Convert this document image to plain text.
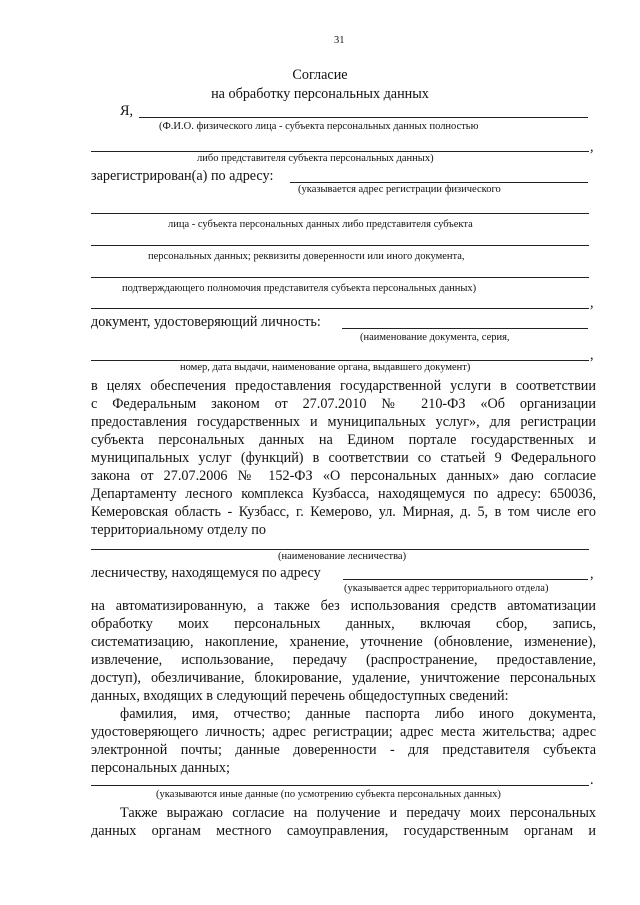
31
Согласие
на обработку персональных данных
Я,
(Ф.И.О. физического лица - субъекта персональных данных полностью
,
либо представителя субъекта персональных данных)
зарегистрирован(а) по адресу:
(указывается адрес регистрации физического
лица - субъекта персональных данных либо представителя субъекта
персональных данных; реквизиты доверенности или иного документа,
подтверждающего полномочия представителя субъекта персональных данных)
,
документ, удостоверяющий личность:
(наименование документа, серия,
,
номер, дата выдачи, наименование органа, выдавшего документ)
в целях обеспечения предоставления государственной услуги в соответствии
с Федеральным законом от 27.07.2010 № 210-ФЗ «Об организации
предоставления государственных и муниципальных услуг», для регистрации
субъекта персональных данных на Едином портале государственных и
муниципальных услуг (функций) в соответствии со статьей 9 Федерального
закона от 27.07.2006 № 152-ФЗ «О персональных данных» даю согласие
Департаменту лесного комплекса Кузбасса, находящемуся по адресу: 650036,
Кемеровская область - Кузбасс, г. Кемерово, ул. Мирная, д. 5, в том числе его
территориальному отделу по
(наименование лесничества)
лесничеству, находящемуся по адресу	,
(указывается адрес территориального отдела)
на автоматизированную, а также без использования средств автоматизации
обработку моих персональных данных, включая сбор, запись,
систематизацию, накопление, хранение, уточнение (обновление, изменение),
извлечение, использование, передачу (распространение, предоставление,
доступ), обезличивание, блокирование, удаление, уничтожение персональных
данных, входящих в следующий перечень общедоступных сведений:
фамилия, имя, отчество; данные паспорта либо иного документа,
удостоверяющего личность; адрес регистрации; адрес места жительства; адрес
электронной почты; данные доверенности - для представителя субъекта
персональных данных;
.
(указываются иные данные (по усмотрению субъекта персональных данных)
Также выражаю согласие на получение и передачу моих персональных
данных органам местного самоуправления, государственным органам и
